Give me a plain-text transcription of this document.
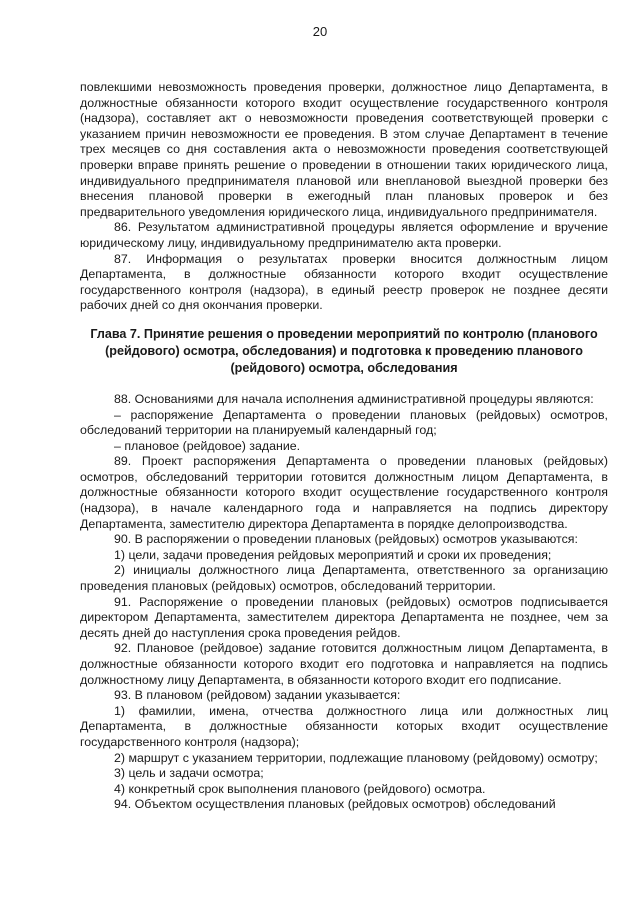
20

повлекшими невозможность проведения проверки, должностное лицо Департамента, в должностные обязанности которого входит осуществление государственного контроля (надзора), составляет акт о невозможности проведения соответствующей проверки с указанием причин невозможности ее проведения. В этом случае Департамент в течение трех месяцев со дня составления акта о невозможности проведения соответствующей проверки вправе принять решение о проведении в отношении таких юридического лица, индивидуального предпринимателя плановой или внеплановой выездной проверки без внесения плановой проверки в ежегодный план плановых проверок и без предварительного уведомления юридического лица, индивидуального предпринимателя.

86. Результатом административной процедуры является оформление и вручение юридическому лицу, индивидуальному предпринимателю акта проверки.

87. Информация о результатах проверки вносится должностным лицом Департамента, в должностные обязанности которого входит осуществление государственного контроля (надзора), в единый реестр проверок не позднее десяти рабочих дней со дня окончания проверки.

Глава 7. Принятие решения о проведении мероприятий по контролю (планового (рейдового) осмотра, обследования) и подготовка к проведению планового (рейдового) осмотра, обследования

88. Основаниями для начала исполнения административной процедуры являются:

– распоряжение Департамента о проведении плановых (рейдовых) осмотров, обследований территории на планируемый календарный год;

– плановое (рейдовое) задание.

89. Проект распоряжения Департамента о проведении плановых (рейдовых) осмотров, обследований территории готовится должностным лицом Департамента, в должностные обязанности которого входит осуществление государственного контроля (надзора), в начале календарного года и направляется на подпись директору Департамента, заместителю директора Департамента в порядке делопроизводства.

90. В распоряжении о проведении плановых (рейдовых) осмотров указываются:

1) цели, задачи проведения рейдовых мероприятий и сроки их проведения;

2) инициалы должностного лица Департамента, ответственного за организацию проведения плановых (рейдовых) осмотров, обследований территории.

91. Распоряжение о проведении плановых (рейдовых) осмотров подписывается директором Департамента, заместителем директора Департамента не позднее, чем за десять дней до наступления срока проведения рейдов.

92. Плановое (рейдовое) задание готовится должностным лицом Департамента, в должностные обязанности которого входит его подготовка и направляется на подпись должностному лицу Департамента, в обязанности которого входит его подписание.

93. В плановом (рейдовом) задании указывается:

1) фамилии, имена, отчества должностного лица или должностных лиц Департамента, в должностные обязанности которых входит осуществление государственного контроля (надзора);

2) маршрут с указанием территории, подлежащие плановому (рейдовому) осмотру;

3) цель и задачи осмотра;

4) конкретный срок выполнения планового (рейдового) осмотра.

94. Объектом осуществления плановых (рейдовых осмотров) обследований
